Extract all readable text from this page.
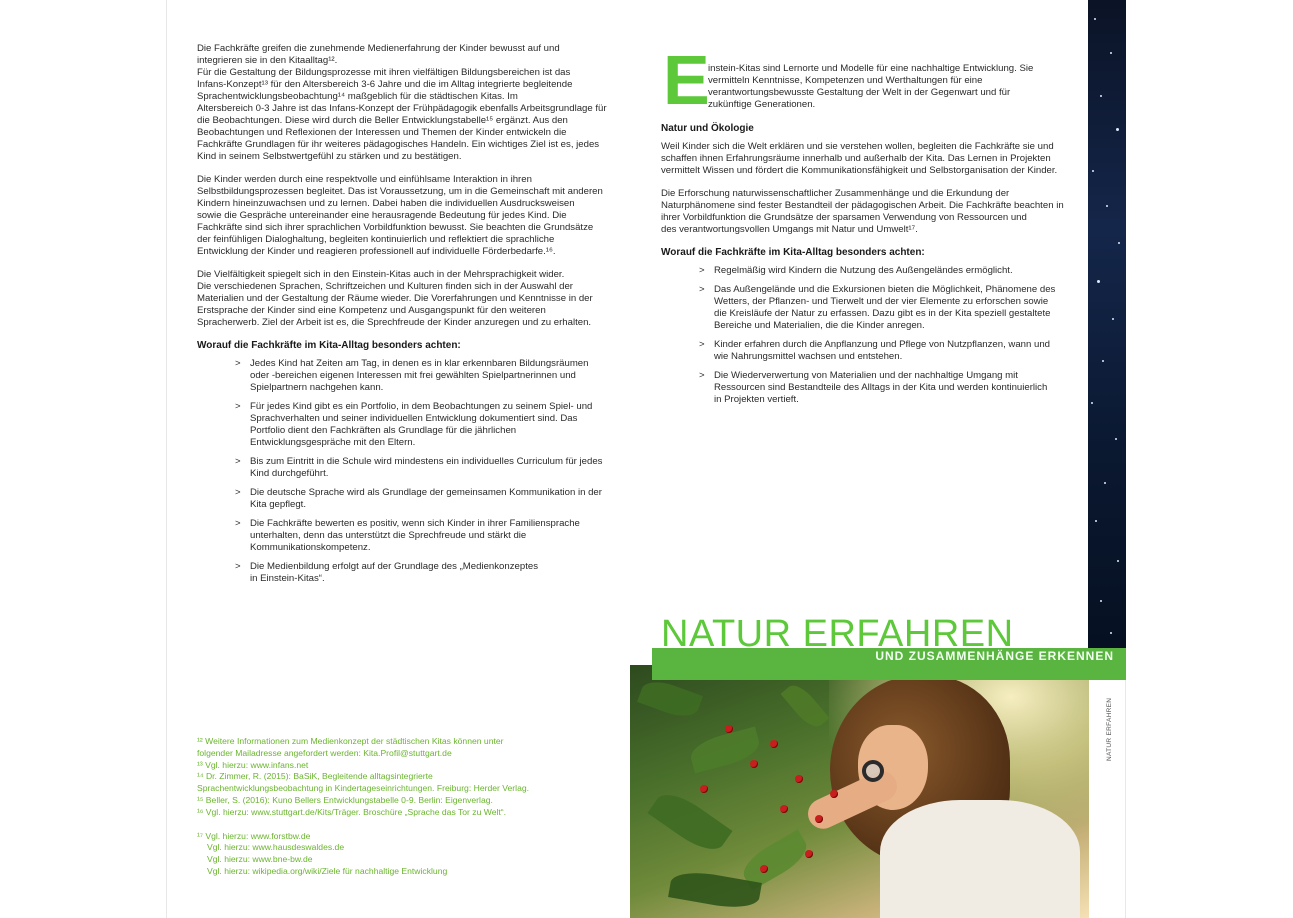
Die Fachkräfte greifen die zunehmende Medienerfahrung der Kinder bewusst auf und
integrieren sie in den Kitaalltag¹².
Für die Gestaltung der Bildungsprozesse mit ihren vielfältigen Bildungsbereichen ist das
Infans-Konzept¹³ für den Altersbereich 3-6 Jahre und die im Alltag integrierte begleitende
Sprachentwicklungsbeobachtung¹⁴ maßgeblich für die städtischen Kitas. Im
Altersbereich 0-3 Jahre ist das Infans-Konzept der Frühpädagogik ebenfalls Arbeitsgrundlage für
die Beobachtungen. Diese wird durch die Beller Entwicklungstabelle¹⁵ ergänzt. Aus den
Beobachtungen und Reflexionen der Interessen und Themen der Kinder entwickeln die
Fachkräfte Grundlagen für ihr weiteres pädagogisches Handeln. Ein wichtiges Ziel ist es, jedes
Kind in seinem Selbstwertgefühl zu stärken und zu bestätigen.
Die Kinder werden durch eine respektvolle und einfühlsame Interaktion in ihren
Selbstbildungsprozessen begleitet. Das ist Voraussetzung, um in die Gemeinschaft mit anderen
Kindern hineinzuwachsen und zu lernen. Dabei haben die individuellen Ausdrucksweisen
sowie die Gespräche untereinander eine herausragende Bedeutung für jedes Kind. Die
Fachkräfte sind sich ihrer sprachlichen Vorbildfunktion bewusst. Sie beachten die Grundsätze
der feinfühligen Dialoghaltung, begleiten kontinuierlich und reflektiert die sprachliche
Entwicklung der Kinder und reagieren professionell auf individuelle Förderbedarfe.¹⁶.
Die Vielfältigkeit spiegelt sich in den Einstein-Kitas auch in der Mehrsprachigkeit wider.
Die verschiedenen Sprachen, Schriftzeichen und Kulturen finden sich in der Auswahl der
Materialien und der Gestaltung der Räume wieder. Die Vorerfahrungen und Kenntnisse in der
Erstsprache der Kinder sind eine Kompetenz und Ausgangspunkt für den weiteren
Spracherwerb. Ziel der Arbeit ist es, die Sprechfreude der Kinder anzuregen und zu erhalten.
Worauf die Fachkräfte im Kita-Alltag besonders achten:
> Jedes Kind hat Zeiten am Tag, in denen es in klar erkennbaren Bildungsräumen
oder -bereichen eigenen Interessen mit frei gewählten Spielpartnerinnen und
Spielpartnern nachgehen kann.
> Für jedes Kind gibt es ein Portfolio, in dem Beobachtungen zu seinem Spiel- und
Sprachverhalten und seiner individuellen Entwicklung dokumentiert sind. Das
Portfolio dient den Fachkräften als Grundlage für die jährlichen
Entwicklungsgespräche mit den Eltern.
> Bis zum Eintritt in die Schule wird mindestens ein individuelles Curriculum für jedes
Kind durchgeführt.
> Die deutsche Sprache wird als Grundlage der gemeinsamen Kommunikation in der
Kita gepflegt.
> Die Fachkräfte bewerten es positiv, wenn sich Kinder in ihrer Familiensprache
unterhalten, denn das unterstützt die Sprechfreude und stärkt die
Kommunikationskompetenz.
> Die Medienbildung erfolgt auf der Grundlage des „Medienkonzeptes
in Einstein-Kitas“.
¹² Weitere Informationen zum Medienkonzept der städtischen Kitas können unter
folgender Mailadresse angefordert werden: Kita.Profil@stuttgart.de
¹³ Vgl. hierzu: www.infans.net
¹⁴ Dr. Zimmer, R. (2015): BaSiK, Begleitende alltagsintegrierte
Sprachentwicklungsbeobachtung in Kindertageseinrichtungen. Freiburg: Herder Verlag.
¹⁵ Beller, S. (2016): Kuno Bellers Entwicklungstabelle 0-9. Berlin: Eigenverlag.
¹⁶ Vgl. hierzu: www.stuttgart.de/Kits/Träger. Broschüre „Sprache das Tor zu Welt“.
¹⁷ Vgl. hierzu: www.forstbw.de
Vgl. hierzu: www.hausdeswaldes.de
Vgl. hierzu: www.bne-bw.de
Vgl. hierzu: wikipedia.org/wiki/Ziele für nachhaltige Entwicklung
E
instein-Kitas sind Lernorte und Modelle für eine nachhaltige Entwicklung. Sie
vermitteln Kenntnisse, Kompetenzen und Werthaltungen für eine
verantwortungsbewusste Gestaltung der Welt in der Gegenwart und für
zukünftige Generationen.
Natur und Ökologie
Weil Kinder sich die Welt erklären und sie verstehen wollen, begleiten die Fachkräfte sie und
schaffen ihnen Erfahrungsräume innerhalb und außerhalb der Kita. Das Lernen in Projekten
vermittelt Wissen und fördert die Kommunikationsfähigkeit und Selbstorganisation der Kinder.
Die Erforschung naturwissenschaftlicher Zusammenhänge und die Erkundung der
Naturphänomene sind fester Bestandteil der pädagogischen Arbeit. Die Fachkräfte beachten in
ihrer Vorbildfunktion die Grundsätze der sparsamen Verwendung von Ressourcen und
des verantwortungsvollen Umgangs mit Natur und Umwelt¹⁷.
Worauf die Fachkräfte im Kita-Alltag besonders achten:
> Regelmäßig wird Kindern die Nutzung des Außengeländes ermöglicht.
> Das Außengelände und die Exkursionen bieten die Möglichkeit, Phänomene des
Wetters, der Pflanzen- und Tierwelt und der vier Elemente zu erforschen sowie
die Kreisläufe der Natur zu erfassen. Dazu gibt es in der Kita speziell gestaltete
Bereiche und Materialien, die die Kinder anregen.
> Kinder erfahren durch die Anpflanzung und Pflege von Nutzpflanzen, wann und
wie Nahrungsmittel wachsen und entstehen.
> Die Wiederverwertung von Materialien und der nachhaltige Umgang mit
Ressourcen sind Bestandteile des Alltags in der Kita und werden kontinuierlich
in Projekten vertieft.
UND ZUSAMMENHÄNGE ERKENNEN
NATUR ERFAHREN
NATUR ERFAHREN
